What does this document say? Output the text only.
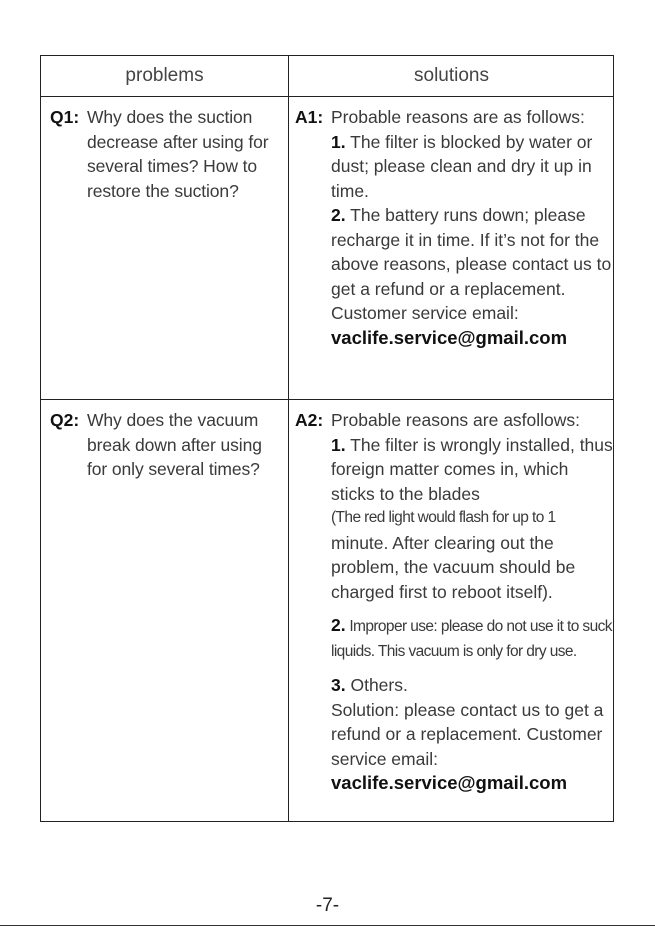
problems	solutions
Q1: Why does the suction decrease after using for several times? How to restore the suction?
A1: Probable reasons are as follows:
1. The filter is blocked by water or dust; please clean and dry it up in time.
2. The battery runs down; please recharge it in time. If it’s not for the above reasons, please contact us to get a refund or a replacement. Customer service email:
vaclife.service@gmail.com
Q2: Why does the vacuum break down after using for only several times?
A2: Probable reasons are asfollows:
1. The filter is wrongly installed, thus foreign matter comes in, which sticks to the blades
(The red light would flash for up to 1
minute. After clearing out the problem, the vacuum should be charged first to reboot itself).
2. Improper use: please do not use it to suck liquids. This vacuum is only for dry use.
3. Others.
Solution: please contact us to get a refund or a replacement. Customer service email:
vaclife.service@gmail.com
-7-
